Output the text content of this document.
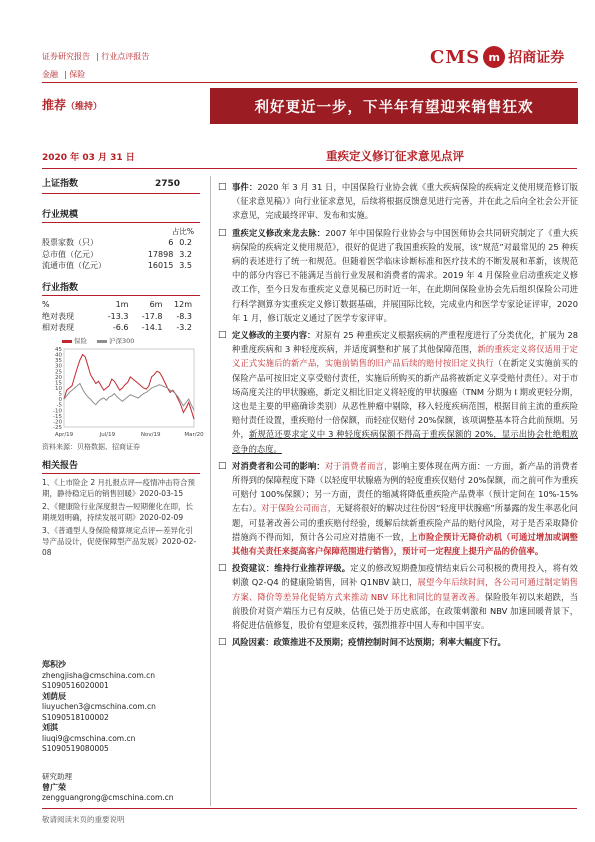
证券研究报告 | 行业点评报告
金融 | 保险
CMS m 招商证券
推荐（维持）	利好更近一步，下半年有望迎来销售狂欢
2020 年 03 月 31 日	重疾定义修订征求意见点评
上证指数	2750
行业规模
占比%
股票家数（只）	6	0.2
总市值（亿元）	17898	3.2
流通市值（亿元）	16015	3.5
行业指数
%	1m	6m	12m
绝对表现	-13.3	-17.8	-8.3
相对表现	-6.6	-14.1	-3.2
保险	沪深300
45
40
35
30
25
20
15
10
5
0
-5
-10
-15
-20
-25
Apr/19	Jul/19	Nov/19	Mar/20
资料来源：贝格数据、招商证券
相关报告

1、《上市险企 2 月扎报点评—疫情冲击符合预期，静待稳定后的销售回暖》2020-03-15

2、《健康险行业深度报告—短期催化在即，长期规划明确，持续发展可期》2020-02-09

3、《普通型人身保险精算规定点评—差异化引导产品设计，促使保障型产品发展》2020-02-08

郑积沙
zhengjisha@cmschina.com.cn
S1090516020001
刘荫辰
liuyuchen3@cmschina.com.cn
S1090518100002
刘淇
liuqi9@cmschina.com.cn
S1090519080005
研究助理
曾广荣
zengguangrong@cmschina.com.cn

□ 事件：2020 年 3 月 31 日，中国保险行业协会就《重大疾病保险的疾病定义使用规范修订版（征求意见稿）》向行业征求意见，后续将根据反馈意见进行完善，并在此之后向全社会公开征求意见，完成最终评审、发布和实施。

□ 重疾定义修改来龙去脉：2007 年中国保险行业协会与中国医师协会共同研究制定了《重大疾病保险的疾病定义使用规范》，很好的促进了我国重疾险的发展，该“规范”对最常见的 25 种疾病的表述进行了统一和规范。但随着医学临床诊断标准和医疗技术的不断发展和革新，该规范中的部分内容已不能满足当前行业发展和消费者的需求。2019 年 4 月保险业启动重疾定义修改工作，至今日发布重疾定义意见稿已历时近一年，在此期间保险业协会先后组织保险公司进行科学测算夯实重疾定义修订数据基础，并展国际比较，完成业内和医学专家论证评审，2020 年 1 月，修订版定义通过了医学专家评审。

□ 定义修改的主要内容：对原有 25 种重疾定义根据疾病的严重程度进行了分类优化，扩展为 28 种重度疾病和 3 种轻度疾病，并适度调整和扩展了其他保障范围，新的重疾定义将仅适用于定义正式实施后的新产品，实施前销售的旧产品后续的赔付按旧定义执行（在新定义实施前买的保险产品可按旧定义享受赔付责任，实施后所购买的新产品将被新定义享受赔付责任）。对于市场高度关注的甲状腺癌，新定义相比旧定义将轻度的甲状腺癌（TNM 分期为 I 期或更轻分期，这也是主要的甲癌确诊类别）从恶性肿瘤中剔除，移入轻度疾病范围，根据目前主流的重疾险赔付责任设置，重疾赔付一倍保额，而轻症仅赔付 20%保额，该项调整基本符合此前预期。另外，新规范还要求定义中 3 种轻度疾病保额不得高于重疾保额的 20%，显示出协会杜绝粗放竞争的态度。

□ 对消费者和公司的影响：对于消费者而言，影响主要体现在两方面：一方面，新产品的消费者所得到的保障程度下降（以轻度甲状腺癌为例的轻度重疾仅赔付 20%保额，而之前可作为重疾可赔付 100%保额）；另一方面，责任的缩减将降低重疾险产品费率（预计定间在 10%-15%左右）。对于保险公司而言，无疑将很好的解决过往份因“轻度甲状腺癌”所暴露的发生率恶化问题，可显著改善公司的重疾赔付经验，缓解后续新重疾险产品的赔付风险，对于是否采取降价措施尚不得而知，预计各公司应对措施不一致，上市险企预计无降价动机（可通过增加或调整其他有关责任来提高客户保障范围进行销售），预计可一定程度上提升产品的价值率。

□ 投资建议：维持行业推荐评级。定义的修改短期叠加疫情结束后公司积极的费用投入，将有效刺激 Q2-Q4 的健康险销售，回补 Q1NBV 缺口，展望今年后续时间，各公司可通过制定销售方案、降价等差异化促销方式来推动 NBV 环比和同比的显著改善。保险股年初以来超跌，当前股价对资产端压力已有反映，估值已处于历史底部，在政策刺激和 NBV 加速回暖背景下，将促进估值修复，股价有望迎来反转，强烈推荐中国人寿和中国平安。

□ 风险因素：政策推进不及预期；疫情控制时间不达预期；利率大幅度下行。

敬请阅读末页的重要说明
